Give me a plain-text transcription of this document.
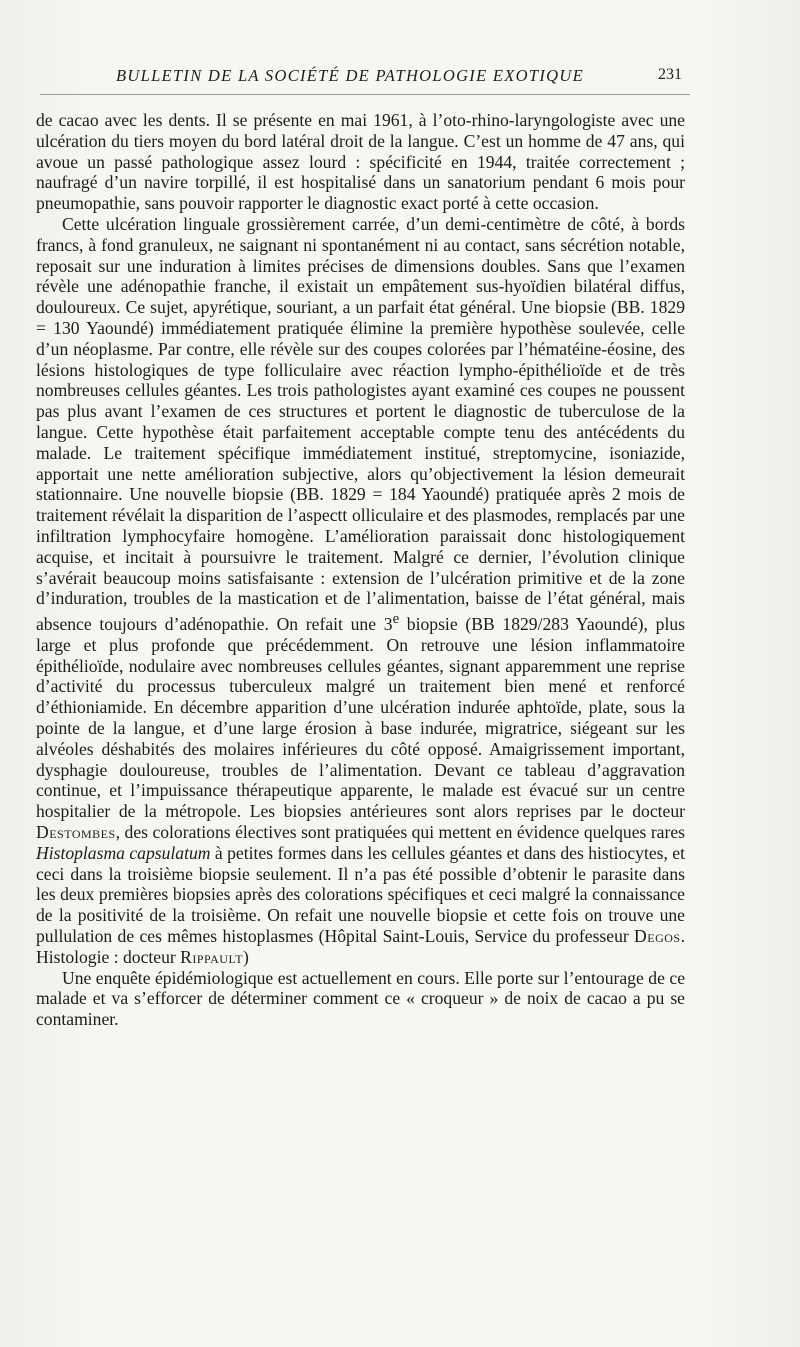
BULLETIN DE LA SOCIÉTÉ DE PATHOLOGIE EXOTIQUE	231

de cacao avec les dents. Il se présente en mai 1961, à l’oto-rhino-laryngologiste avec une ulcération du tiers moyen du bord latéral droit de la langue. C’est un homme de 47 ans, qui avoue un passé pathologique assez lourd : spécificité en 1944, traitée correctement ; naufragé d’un navire torpillé, il est hospitalisé dans un sanatorium pendant 6 mois pour pneumopathie, sans pouvoir rapporter le diagnostic exact porté à cette occasion.

Cette ulcération linguale grossièrement carrée, d’un demi-centimètre de côté, à bords francs, à fond granuleux, ne saignant ni spontanément ni au contact, sans sécrétion notable, reposait sur une induration à limites précises de dimensions doubles. Sans que l’examen révèle une adénopathie franche, il existait un empâtement sus-hyoïdien bilatéral diffus, douloureux. Ce sujet, apyrétique, souriant, a un parfait état général. Une biopsie (BB. 1829 = 130 Yaoundé) immédiatement pratiquée élimine la première hypothèse soulevée, celle d’un néoplasme. Par contre, elle révèle sur des coupes colorées par l’hématéine-éosine, des lésions histologiques de type folliculaire avec réaction lympho-épithélioïde et de très nombreuses cellules géantes. Les trois pathologistes ayant examiné ces coupes ne poussent pas plus avant l’examen de ces structures et portent le diagnostic de tuberculose de la langue. Cette hypothèse était parfaitement acceptable compte tenu des antécédents du malade. Le traitement spécifique immédiatement institué, streptomycine, isoniazide, apportait une nette amélioration subjective, alors qu’objectivement la lésion demeurait stationnaire. Une nouvelle biopsie (BB. 1829 = 184 Yaoundé) pratiquée après 2 mois de traitement révélait la disparition de l’aspectt olliculaire et des plasmodes, remplacés par une infiltration lymphocyfaire homogène. L’amélioration paraissait donc histologiquement acquise, et incitait à poursuivre le traitement. Malgré ce dernier, l’évolution clinique s’avérait beaucoup moins satisfaisante : extension de l’ulcération primitive et de la zone d’induration, troubles de la mastication et de l’alimentation, baisse de l’état général, mais absence toujours d’adénopathie. On refait une 3e biopsie (BB 1829/283 Yaoundé), plus large et plus profonde que précédemment. On retrouve une lésion inflammatoire épithélioïde, nodulaire avec nombreuses cellules géantes, signant apparemment une reprise d’activité du processus tuberculeux malgré un traitement bien mené et renforcé d’éthioniamide. En décembre apparition d’une ulcération indurée aphtoïde, plate, sous la pointe de la langue, et d’une large érosion à base indurée, migratrice, siégeant sur les alvéoles déshabités des molaires inférieures du côté opposé. Amaigrissement important, dysphagie douloureuse, troubles de l’alimentation. Devant ce tableau d’aggravation continue, et l’impuissance thérapeutique apparente, le malade est évacué sur un centre hospitalier de la métropole. Les biopsies antérieures sont alors reprises par le docteur Destombes, des colorations électives sont pratiquées qui mettent en évidence quelques rares Histoplasma capsulatum à petites formes dans les cellules géantes et dans des histiocytes, et ceci dans la troisième biopsie seulement. Il n’a pas été possible d’obtenir le parasite dans les deux premières biopsies après des colorations spécifiques et ceci malgré la connaissance de la positivité de la troisième. On refait une nouvelle biopsie et cette fois on trouve une pullulation de ces mêmes histoplasmes (Hôpital Saint-Louis, Service du professeur Degos. Histologie : docteur Rippault)

Une enquête épidémiologique est actuellement en cours. Elle porte sur l’entourage de ce malade et va s’efforcer de déterminer comment ce « croqueur » de noix de cacao a pu se contaminer.
